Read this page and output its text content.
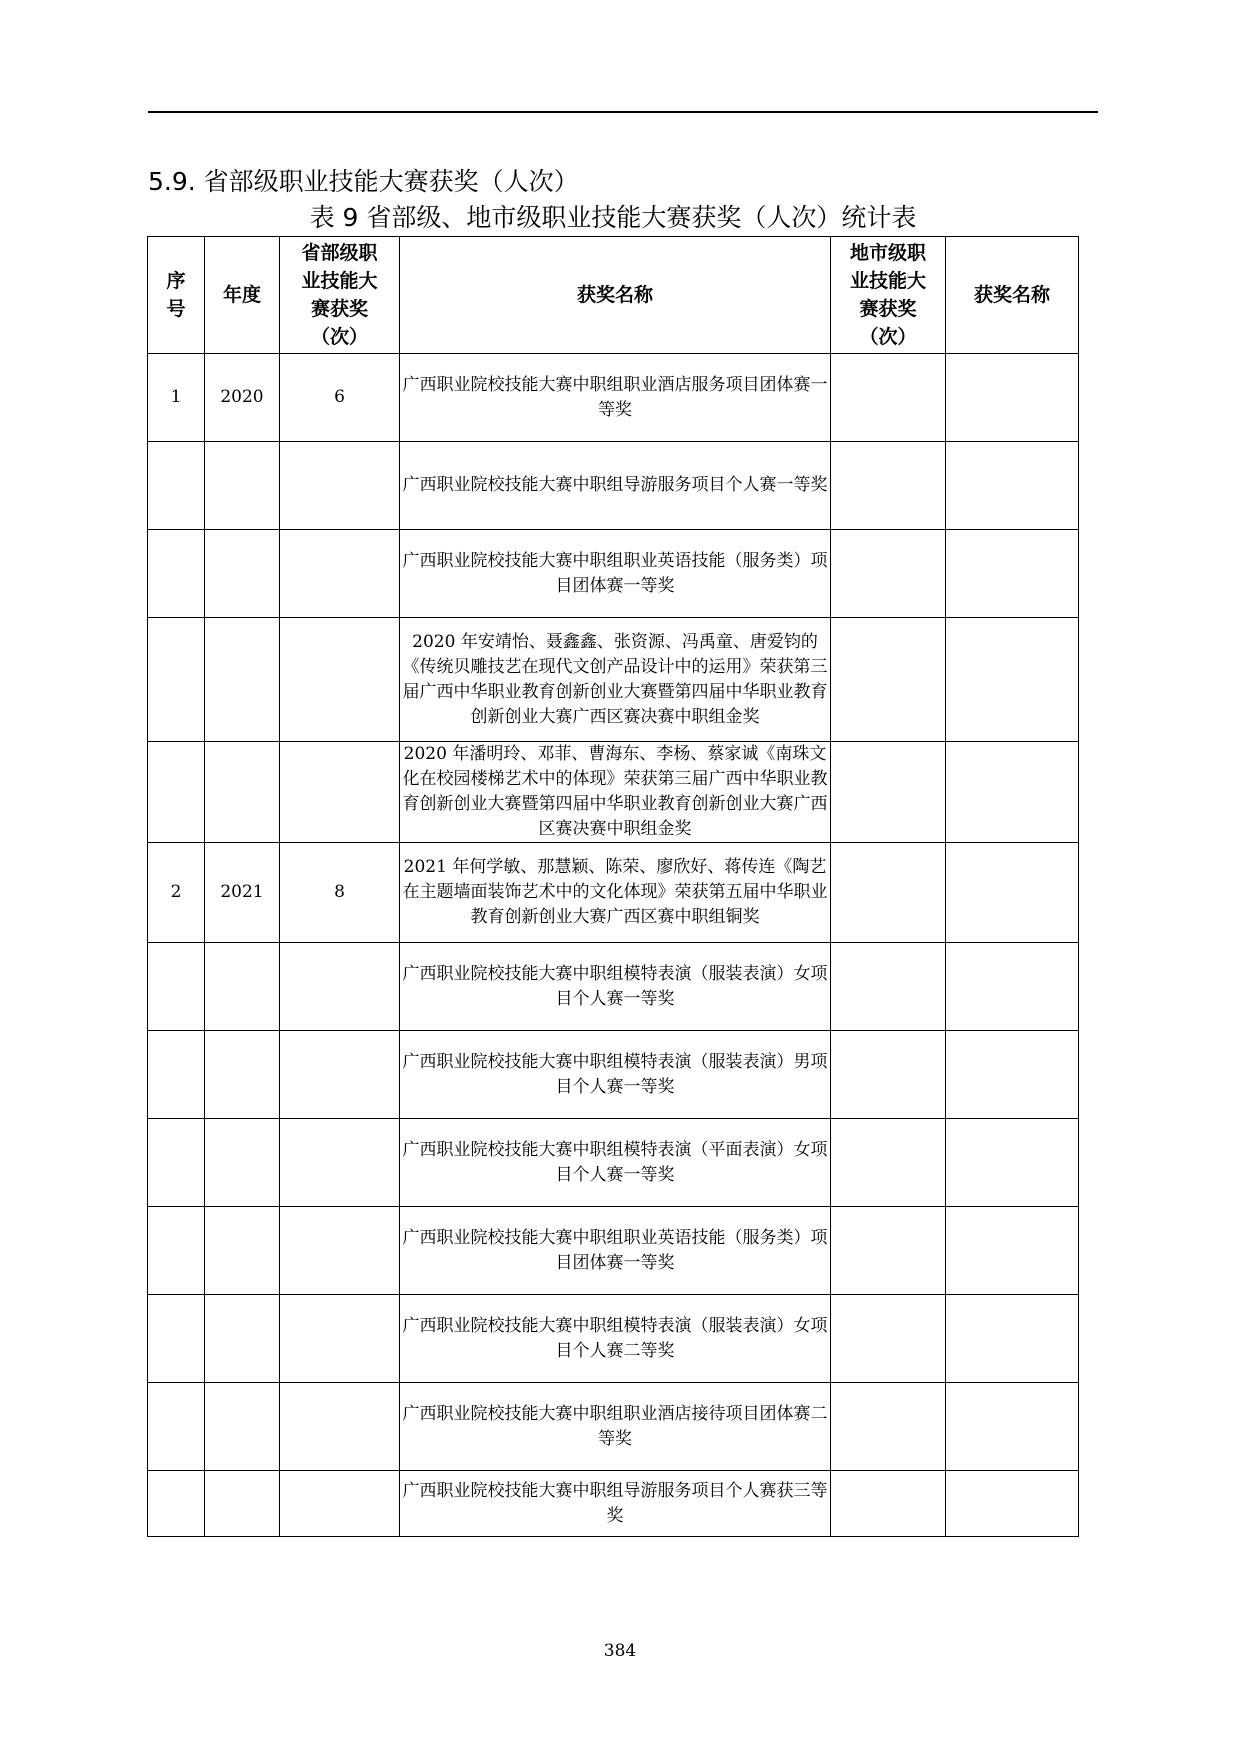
5.9. 省部级职业技能大赛获奖（人次）
表 9 省部级、地市级职业技能大赛获奖（人次）统计表
序号	年度	省部级职业技能大赛获奖（次）	获奖名称	地市级职业技能大赛获奖（次）	获奖名称
1	2020	6	广西职业院校技能大赛中职组职业酒店服务项目团体赛一等奖		
			广西职业院校技能大赛中职组导游服务项目个人赛一等奖		
			广西职业院校技能大赛中职组职业英语技能（服务类）项目团体赛一等奖		
			2020 年安靖怡、聂鑫鑫、张资源、冯禹童、唐爱钧的《传统贝雕技艺在现代文创产品设计中的运用》荣获第三届广西中华职业教育创新创业大赛暨第四届中华职业教育创新创业大赛广西区赛决赛中职组金奖		
			2020 年潘明玲、邓菲、曹海东、李杨、蔡家诚《南珠文化在校园楼梯艺术中的体现》荣获第三届广西中华职业教育创新创业大赛暨第四届中华职业教育创新创业大赛广西区赛决赛中职组金奖		
2	2021	8	2021 年何学敏、那慧颖、陈荣、廖欣好、蒋传连《陶艺在主题墙面装饰艺术中的文化体现》荣获第五届中华职业教育创新创业大赛广西区赛中职组铜奖		
			广西职业院校技能大赛中职组模特表演（服装表演）女项目个人赛一等奖		
			广西职业院校技能大赛中职组模特表演（服装表演）男项目个人赛一等奖		
			广西职业院校技能大赛中职组模特表演（平面表演）女项目个人赛一等奖		
			广西职业院校技能大赛中职组职业英语技能（服务类）项目团体赛一等奖		
			广西职业院校技能大赛中职组模特表演（服装表演）女项目个人赛二等奖		
			广西职业院校技能大赛中职组职业酒店接待项目团体赛二等奖		
			广西职业院校技能大赛中职组导游服务项目个人赛获三等奖		
384
